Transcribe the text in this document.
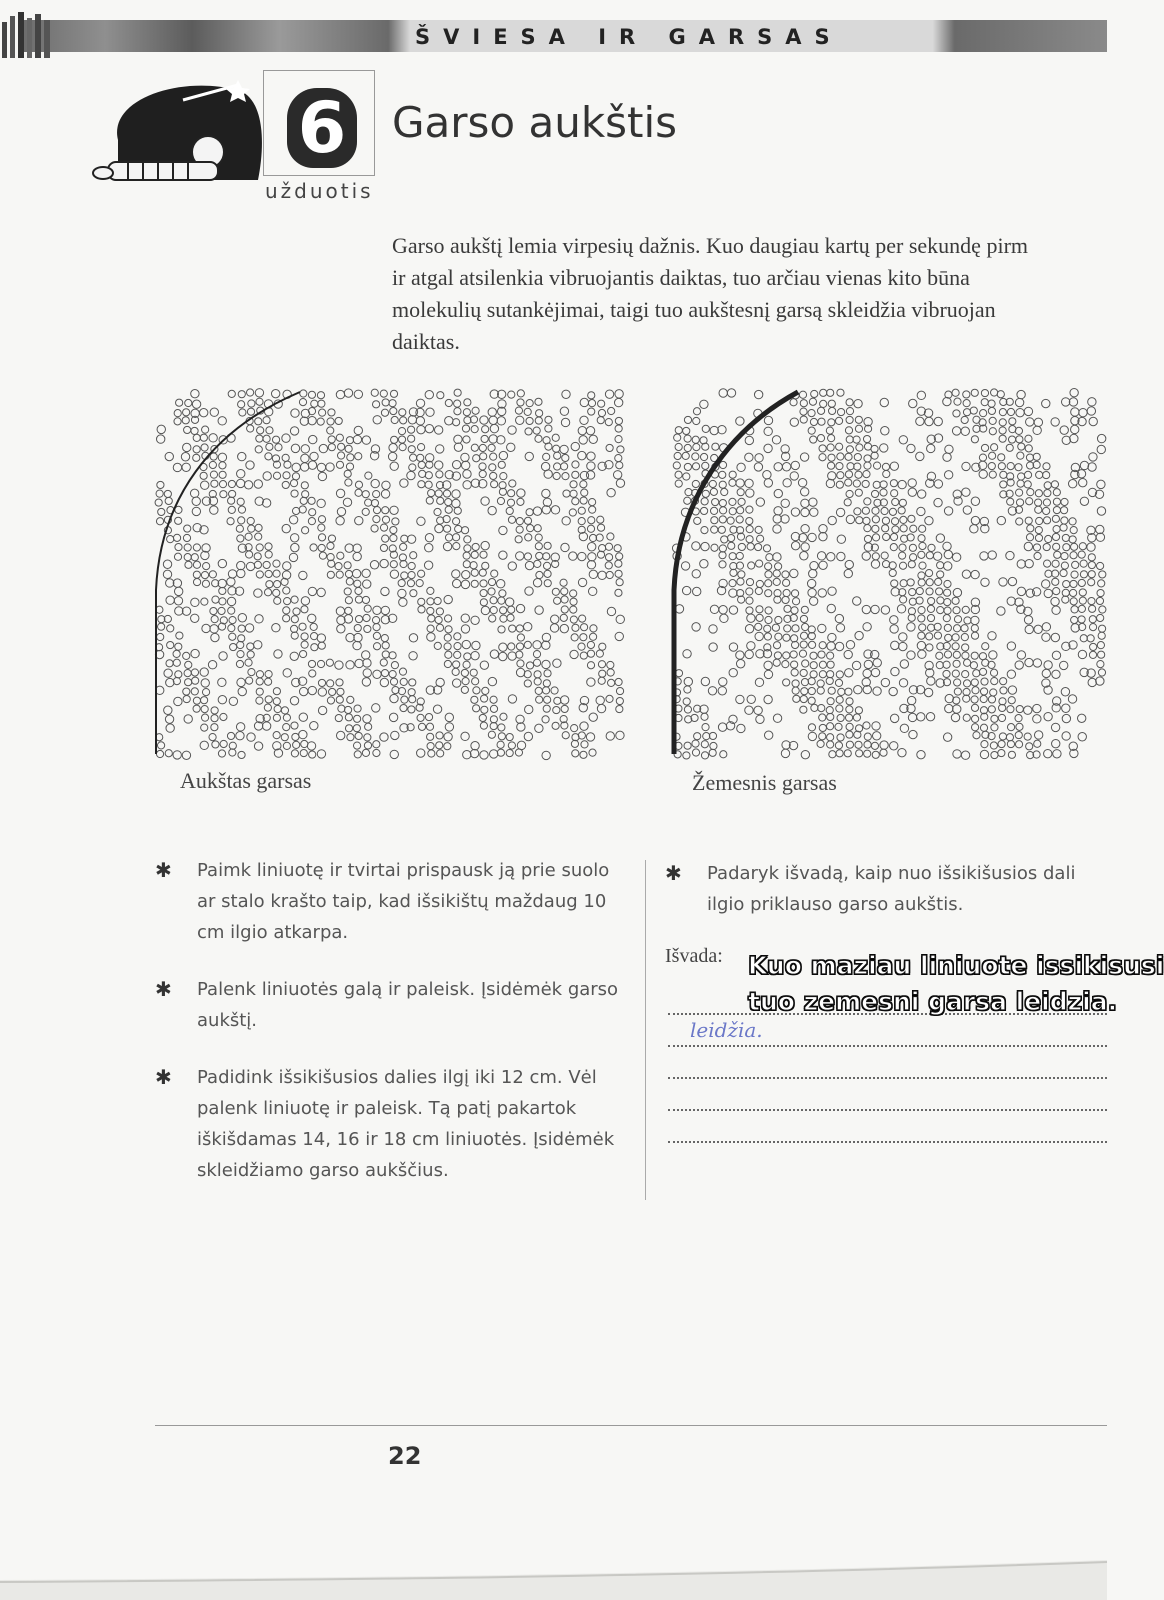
ŠVIESA IR GARSAS
6
užduotis
Garso aukštis
Garso aukštį lemia virpesių dažnis. Kuo daugiau kartų per sekundę pirm
ir atgal atsilenkia vibruojantis daiktas, tuo arčiau vienas kito būna
molekulių sutankėjimai, taigi tuo aukštesnį garsą skleidžia vibruojan
daiktas.
Aukštas garsas	Žemesnis garsas
✱ Paimk liniuotę ir tvirtai prispausk ją prie suolo ar stalo krašto taip, kad išsikištų maždaug 10 cm ilgio atkarpa.
✱ Palenk liniuotės galą ir paleisk. Įsidėmėk garso aukštį.
✱ Padidink išsikišusios dalies ilgį iki 12 cm. Vėl palenk liniuotę ir paleisk. Tą patį pakartok iškišdamas 14, 16 ir 18 cm liniuotės. Įsidėmėk skleidžiamo garso aukščius.
✱ Padaryk išvadą, kaip nuo išsikišusios dali
ilgio priklauso garso aukštis.
Išvada:
leidžia.
Kuo maziau liniuote issikisusi
tuo zemesni garsa leidzia.
22
